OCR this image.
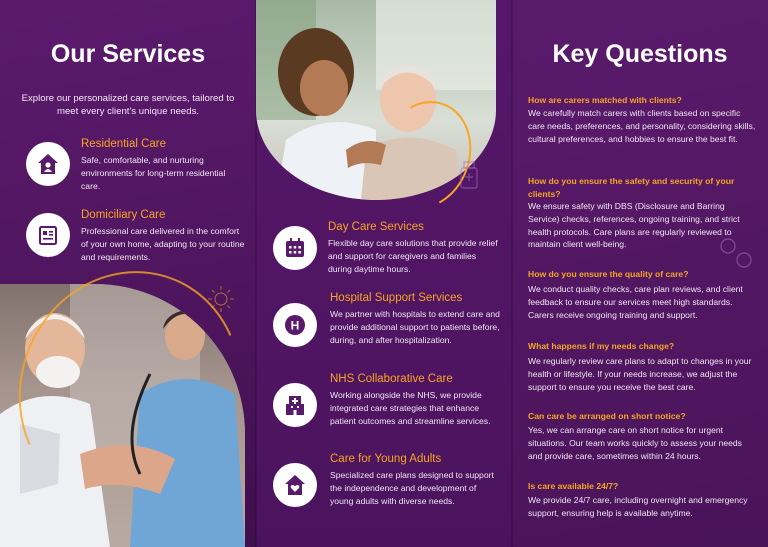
Our Services
Explore our personalized care services, tailored to meet every client's unique needs.
Residential Care
Safe, comfortable, and nurturing environments for long-term residential care.
Domiciliary Care
Professional care delivered in the comfort of your own home, adapting to your routine and requirements.
Day Care Services
Flexible day care solutions that provide relief and support for caregivers and families during daytime hours.
H
Hospital Support Services
We partner with hospitals to extend care and provide additional support to patients before, during, and after hospitalization.
NHS Collaborative Care
Working alongside the NHS, we provide integrated care strategies that enhance patient outcomes and streamline services.
Care for Young Adults
Specialized care plans designed to support the independence and development of young adults with diverse needs.
Key Questions
How are carers matched with clients?
We carefully match carers with clients based on specific care needs, preferences, and personality, considering skills, cultural preferences, and hobbies to ensure the best fit.
How do you ensure the safety and security of your clients?
We ensure safety with DBS (Disclosure and Barring Service) checks, references, ongoing training, and strict health protocols. Care plans are regularly reviewed to maintain client well-being.
How do you ensure the quality of care?
We conduct quality checks, care plan reviews, and client feedback to ensure our services meet high standards. Carers receive ongoing training and support.
What happens if my needs change?
We regularly review care plans to adapt to changes in your health or lifestyle. If your needs increase, we adjust the support to ensure you receive the best care.
Can care be arranged on short notice?
Yes, we can arrange care on short notice for urgent situations. Our team works quickly to assess your needs and provide care, sometimes within 24 hours.
Is care available 24/7?
We provide 24/7 care, including overnight and emergency support, ensuring help is available anytime.
